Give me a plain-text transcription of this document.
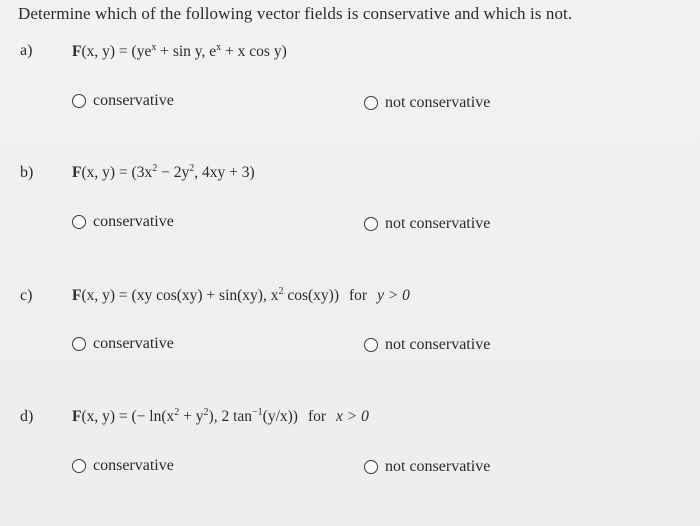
Determine which of the following vector fields is conservative and which is not.
a)	F(x, $y) = (ye^x + \sin y$, $e^x + x$ cos y)
conservative	not conservative
b) F(x, $y) = (3x^2 - 2y^2$, 4xy + 3)
conservative	not conservative
c)	F(x, y) = (xy cos(xy) + sin(xy), $x^2$ cos(xy)) for y > 0
conservative	not conservative
d) F(x, y) = (− $\ln(x^2 + y^2)$, 2 $\tan^{-1}(y/x)$) for x > 0
conservative	not conservative
